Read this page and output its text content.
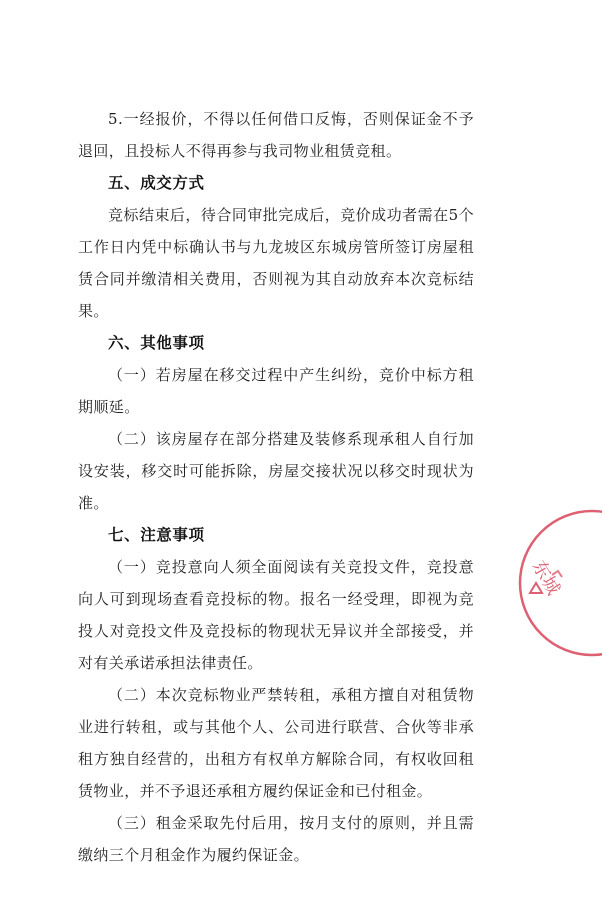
5.一经报价，不得以任何借口反悔，否则保证金不予退回，且投标人不得再参与我司物业租赁竞租。

五、成交方式

竞标结束后，待合同审批完成后，竞价成功者需在5个工作日内凭中标确认书与九龙坡区东城房管所签订房屋租赁合同并缴清相关费用，否则视为其自动放弃本次竞标结果。

六、其他事项

（一）若房屋在移交过程中产生纠纷，竞价中标方租期顺延。

（二）该房屋存在部分搭建及装修系现承租人自行加设安装，移交时可能拆除，房屋交接状况以移交时现状为准。

七、注意事项

（一）竞投意向人须全面阅读有关竞投文件，竞投意向人可到现场查看竞投标的物。报名一经受理，即视为竞投人对竞投文件及竞投标的物现状无异议并全部接受，并对有关承诺承担法律责任。

（二）本次竞标物业严禁转租，承租方擅自对租赁物业进行转租，或与其他个人、公司进行联营、合伙等非承租方独自经营的，出租方有权单方解除合同，有权收回租赁物业，并不予退还承租方履约保证金和已付租金。

（三）租金采取先付后用，按月支付的原则，并且需缴纳三个月租金作为履约保证金。

东城
